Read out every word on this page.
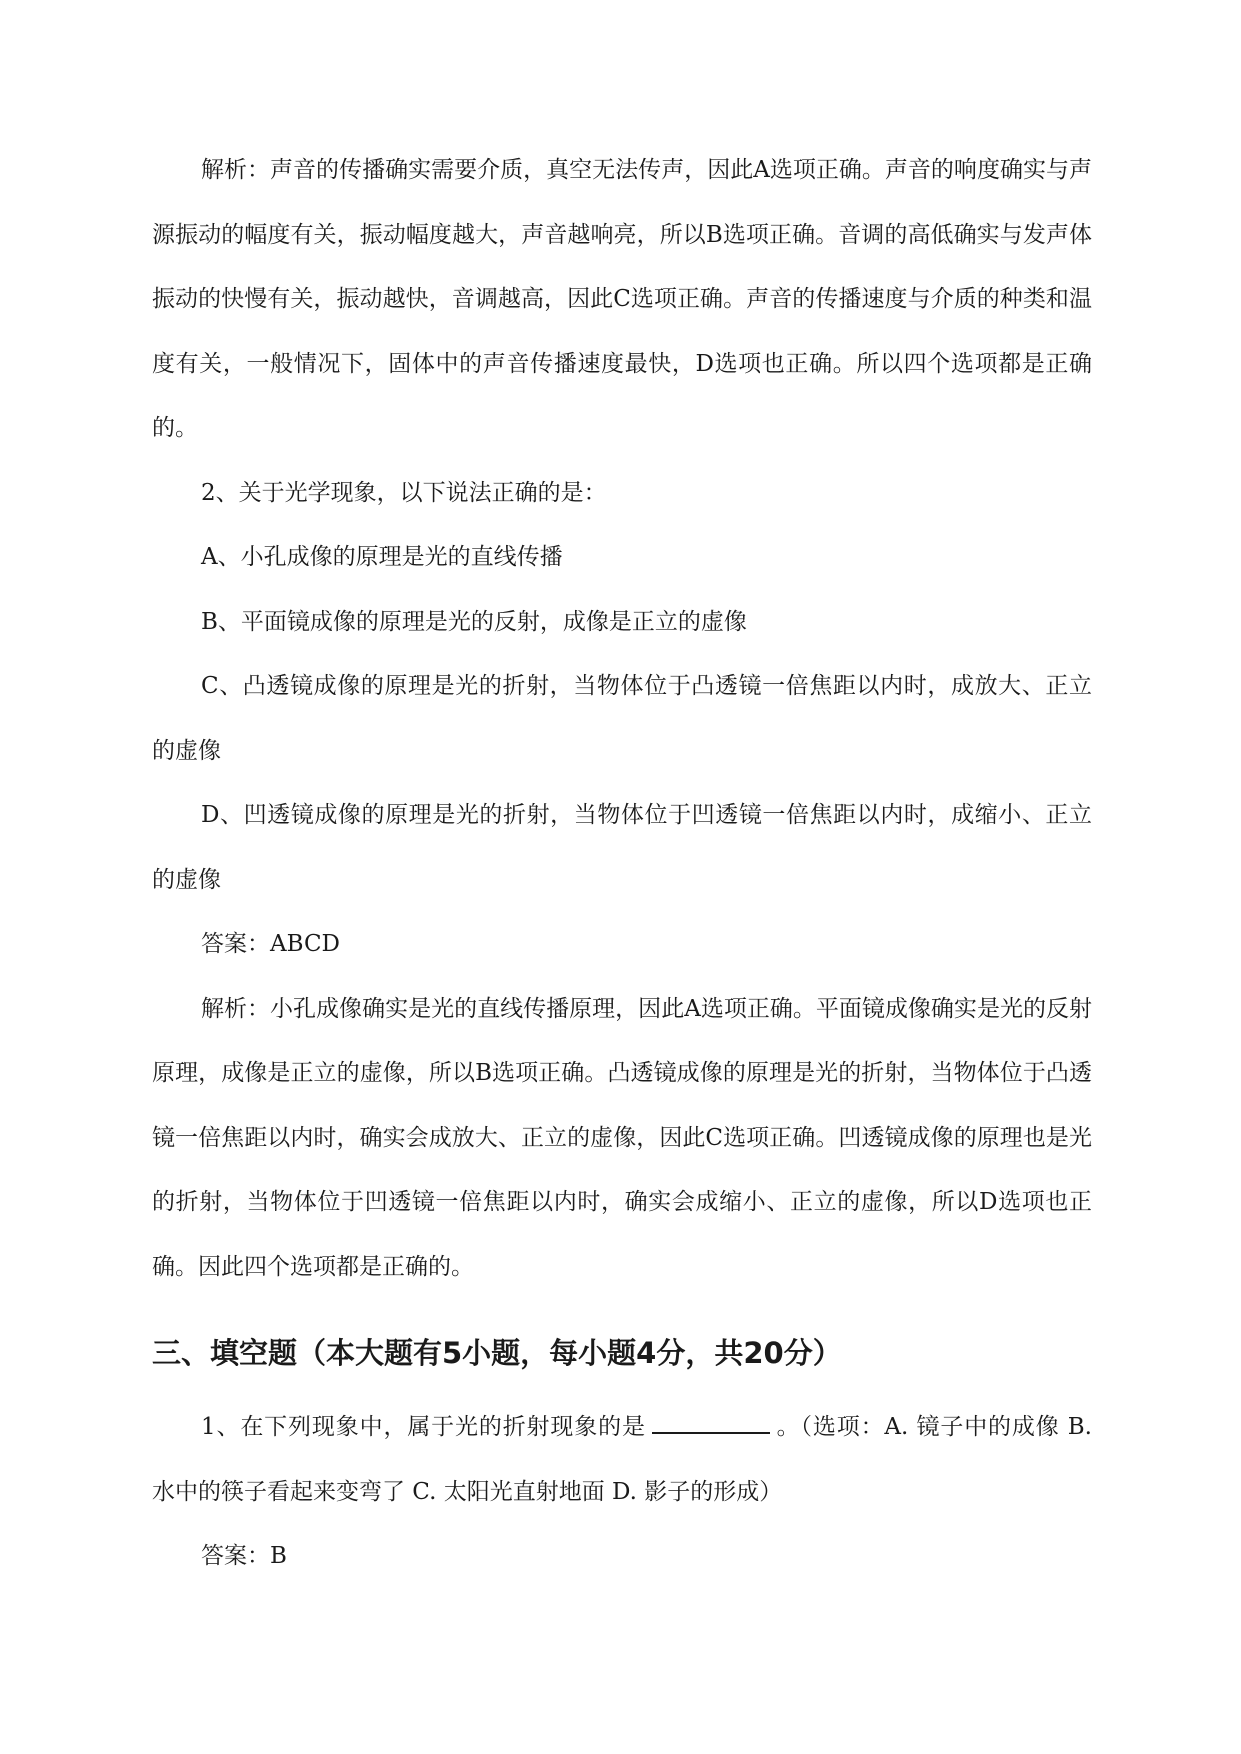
解析：声音的传播确实需要介质，真空无法传声，因此A选项正确。声音的响度确实与声源振动的幅度有关，振动幅度越大，声音越响亮，所以B选项正确。音调的高低确实与发声体振动的快慢有关，振动越快，音调越高，因此C选项正确。声音的传播速度与介质的种类和温度有关，一般情况下，固体中的声音传播速度最快，D选项也正确。所以四个选项都是正确的。

2、关于光学现象，以下说法正确的是：

A、小孔成像的原理是光的直线传播

B、平面镜成像的原理是光的反射，成像是正立的虚像

C、凸透镜成像的原理是光的折射，当物体位于凸透镜一倍焦距以内时，成放大、正立的虚像

D、凹透镜成像的原理是光的折射，当物体位于凹透镜一倍焦距以内时，成缩小、正立的虚像

答案：ABCD

解析：小孔成像确实是光的直线传播原理，因此A选项正确。平面镜成像确实是光的反射原理，成像是正立的虚像，所以B选项正确。凸透镜成像的原理是光的折射，当物体位于凸透镜一倍焦距以内时，确实会成放大、正立的虚像，因此C选项正确。凹透镜成像的原理也是光的折射，当物体位于凹透镜一倍焦距以内时，确实会成缩小、正立的虚像，所以D选项也正确。因此四个选项都是正确的。

三、填空题（本大题有5小题，每小题4分，共20分）

1、在下列现象中，属于光的折射现象的是	。（选项：A. 镜子中的成像 B. 水中的筷子看起来变弯了 C. 太阳光直射地面 D. 影子的形成）

答案：B
